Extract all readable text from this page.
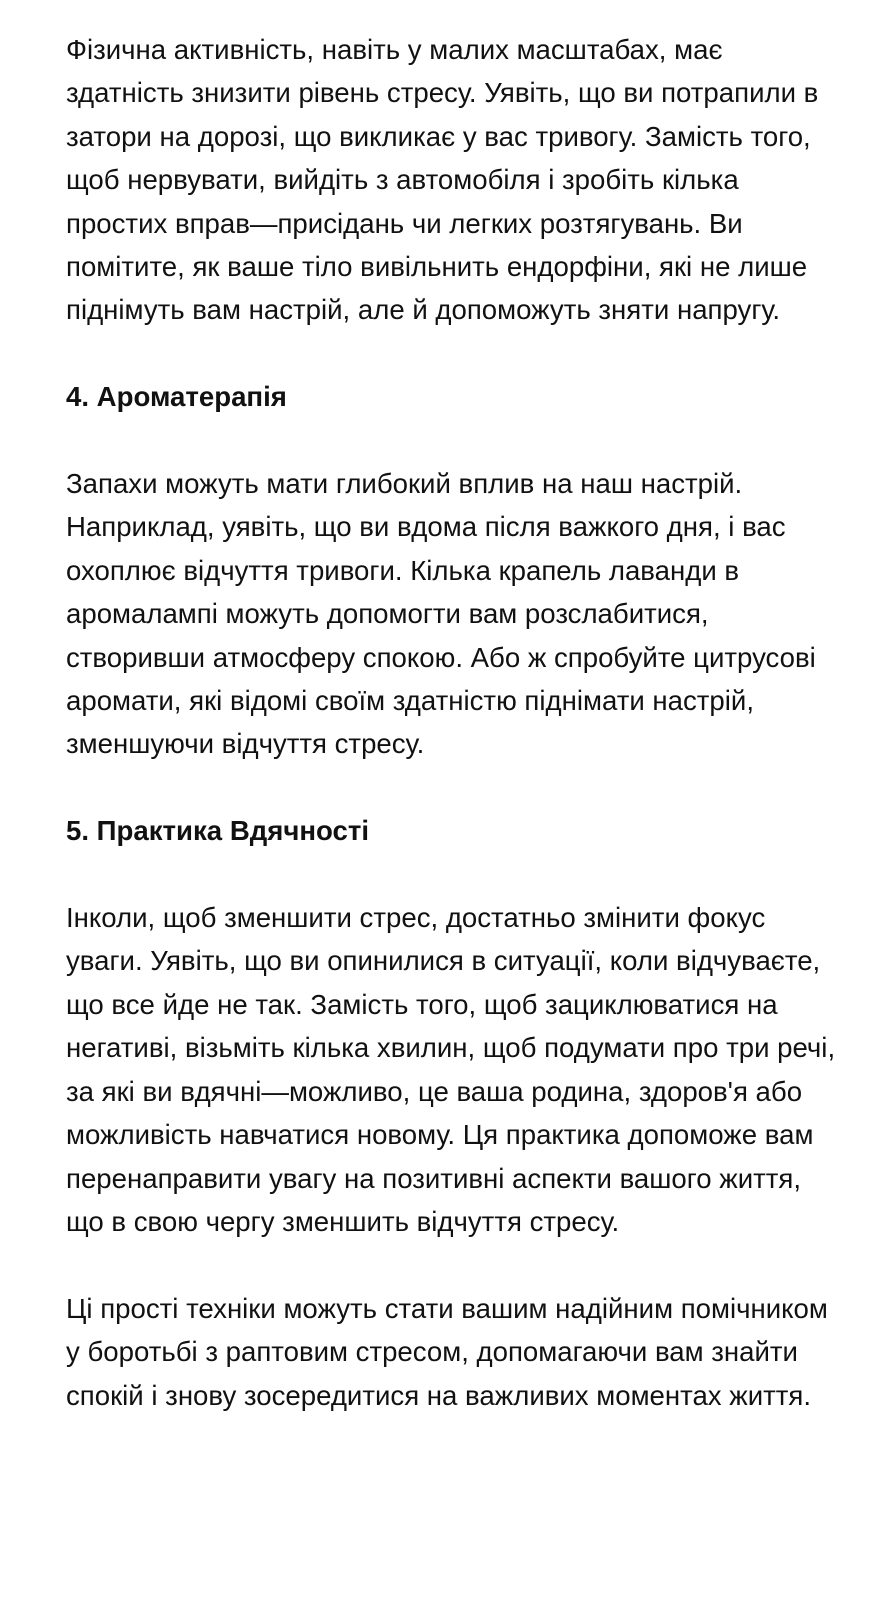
Фізична активність, навіть у малих масштабах, має здатність знизити рівень стресу. Уявіть, що ви потрапили в затори на дорозі, що викликає у вас тривогу. Замість того, щоб нервувати, вийдіть з автомобіля і зробіть кілька простих вправ—присідань чи легких розтягувань. Ви помітите, як ваше тіло вивільнить ендорфіни, які не лише піднімуть вам настрій, але й допоможуть зняти напругу.

4. Ароматерапія

Запахи можуть мати глибокий вплив на наш настрій. Наприклад, уявіть, що ви вдома після важкого дня, і вас охоплює відчуття тривоги. Кілька крапель лаванди в аромалампі можуть допомогти вам розслабитися, створивши атмосферу спокою. Або ж спробуйте цитрусові аромати, які відомі своїм здатністю піднімати настрій, зменшуючи відчуття стресу.

5. Практика Вдячності

Інколи, щоб зменшити стрес, достатньо змінити фокус уваги. Уявіть, що ви опинилися в ситуації, коли відчуваєте, що все йде не так. Замість того, щоб зациклюватися на негативі, візьміть кілька хвилин, щоб подумати про три речі, за які ви вдячні—можливо, це ваша родина, здоров'я або можливість навчатися новому. Ця практика допоможе вам перенаправити увагу на позитивні аспекти вашого життя, що в свою чергу зменшить відчуття стресу.

Ці прості техніки можуть стати вашим надійним помічником у боротьбі з раптовим стресом, допомагаючи вам знайти спокій і знову зосередитися на важливих моментах життя.
